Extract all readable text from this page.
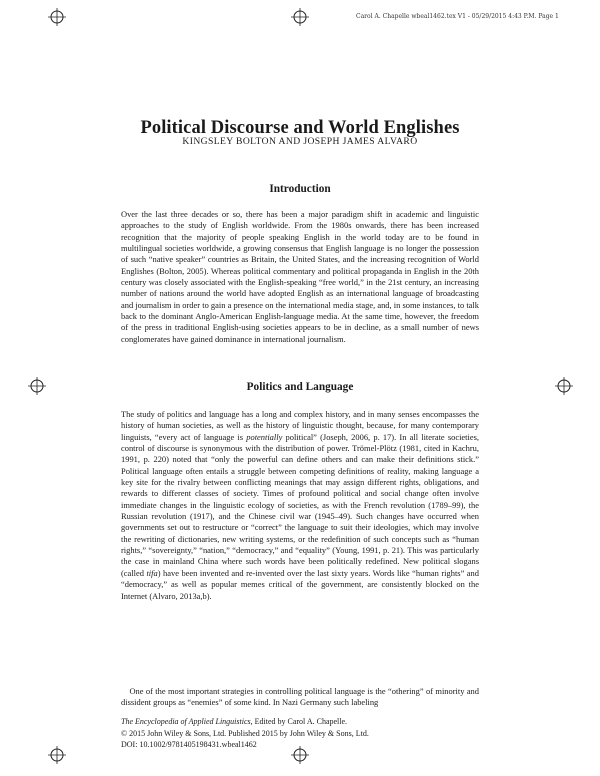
Carol A. Chapelle wbeal1462.tex V1 - 05/29/2015 4:43 P.M. Page 1
Political Discourse and World Englishes
KINGSLEY BOLTON AND JOSEPH JAMES ALVARO
Introduction

Over the last three decades or so, there has been a major paradigm shift in academic and linguistic approaches to the study of English worldwide. From the 1980s onwards, there has been increased recognition that the majority of people speaking English in the world today are to be found in multilingual societies worldwide, a growing consensus that English language is no longer the possession of such “native speaker” countries as Britain, the United States, and the increasing recognition of World Englishes (Bolton, 2005). Whereas political commentary and political propaganda in English in the 20th century was closely associated with the English-speaking “free world,” in the 21st century, an increasing number of nations around the world have adopted English as an international language of broadcasting and journalism in order to gain a presence on the international media stage, and, in some instances, to talk back to the dominant Anglo-American English-language media. At the same time, however, the freedom of the press in traditional English-using societies appears to be in decline, as a small number of news conglomerates have gained dominance in international journalism.

Politics and Language

The study of politics and language has a long and complex history, and in many senses encompasses the history of human societies, as well as the history of linguistic thought, because, for many contemporary linguists, “every act of language is potentially political” (Joseph, 2006, p. 17). In all literate societies, control of discourse is synonymous with the distribution of power. Trömel-Plötz (1981, cited in Kachru, 1991, p. 220) noted that “only the powerful can define others and can make their definitions stick.” Political language often entails a struggle between competing definitions of reality, making language a key site for the rivalry between conflicting meanings that may assign different rights, obligations, and rewards to different classes of society. Times of profound political and social change often involve immediate changes in the linguistic ecology of societies, as with the French revolution (1789–99), the Russian revolution (1917), and the Chinese civil war (1945–49). Such changes have occurred when governments set out to restructure or “correct” the language to suit their ideologies, which may involve the rewriting of dictionaries, new writing systems, or the redefinition of such concepts such as “human rights,” “sovereignty,” “nation,” “democracy,” and “equality” (Young, 1991, p. 21). This was particularly the case in mainland China where such words have been politically redefined. New political slogans (called tifa) have been invented and re-invented over the last sixty years. Words like “human rights” and “democracy,” as well as popular memes critical of the government, are consistently blocked on the Internet (Alvaro, 2013a,b).

 One of the most important strategies in controlling political language is the “othering” of minority and dissident groups as “enemies” of some kind. In Nazi Germany such labeling

The Encyclopedia of Applied Linguistics, Edited by Carol A. Chapelle.
© 2015 John Wiley & Sons, Ltd. Published 2015 by John Wiley & Sons, Ltd.
DOI: 10.1002/9781405198431.wbeal1462
